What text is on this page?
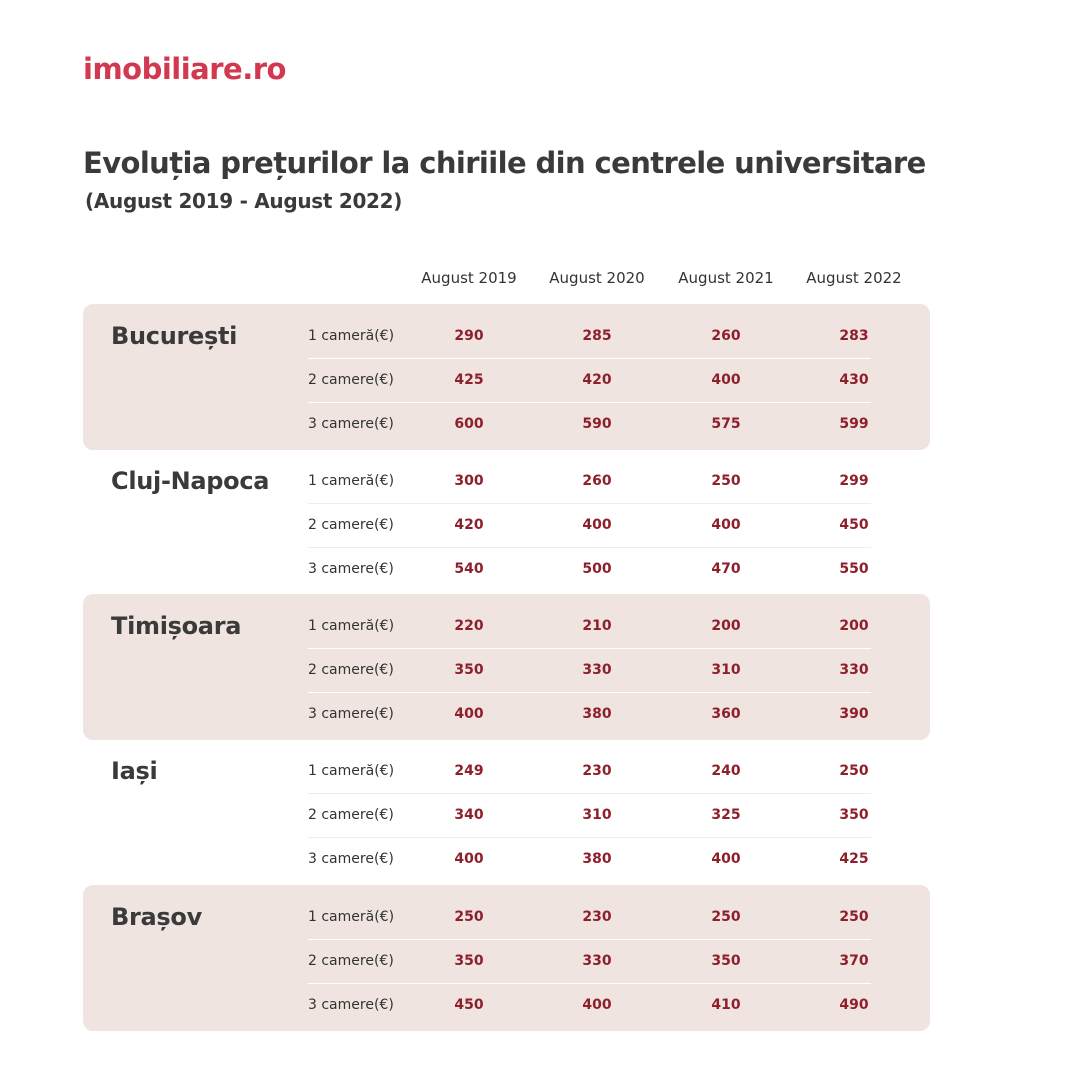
imobiliare.ro
Evoluția prețurilor la chiriile din centrele universitare
(August 2019 - August 2022)
August 2019	August 2020	August 2021	August 2022
București	1 cameră(€)	290	285	260	283
2 camere(€)	425	420	400	430
3 camere(€)	600	590	575	599
Cluj-Napoca	1 cameră(€)	300	260	250	299
2 camere(€)	420	400	400	450
3 camere(€)	540	500	470	550
Timișoara	1 cameră(€)	220	210	200	200
2 camere(€)	350	330	310	330
3 camere(€)	400	380	360	390
Iași	1 cameră(€)	249	230	240	250
2 camere(€)	340	310	325	350
3 camere(€)	400	380	400	425
Brașov	1 cameră(€)	250	230	250	250
2 camere(€)	350	330	350	370
3 camere(€)	450	400	410	490
